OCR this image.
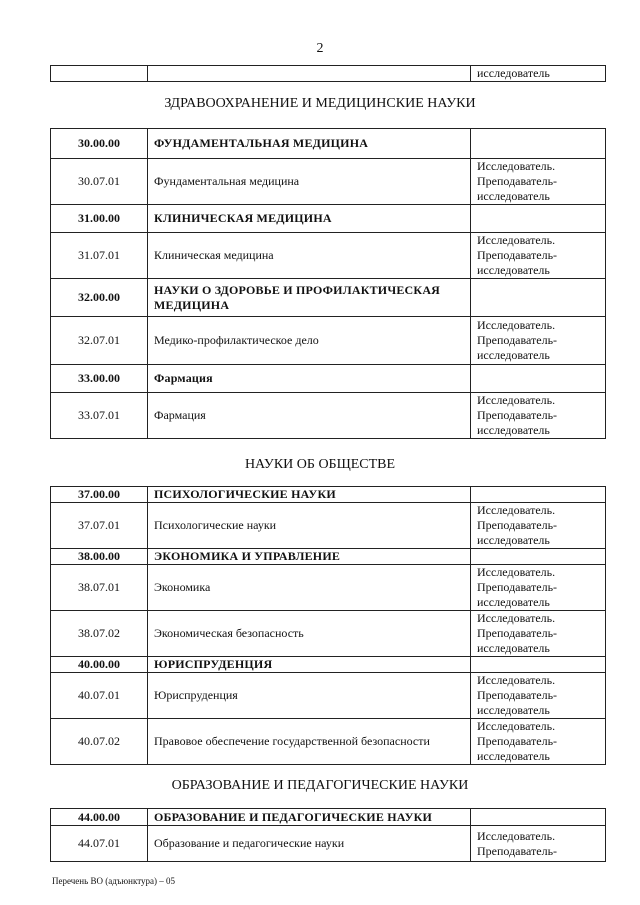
2
		исследователь
ЗДРАВООХРАНЕНИЕ И МЕДИЦИНСКИЕ НАУКИ
30.00.00	ФУНДАМЕНТАЛЬНАЯ МЕДИЦИНА	
30.07.01	Фундаментальная медицина	Исследователь.
Преподаватель-
исследователь

31.00.00	КЛИНИЧЕСКАЯ МЕДИЦИНА	
31.07.01	Клиническая медицина	Исследователь.
Преподаватель-
исследователь

32.00.00	НАУКИ О ЗДОРОВЬЕ И ПРОФИЛАКТИЧЕСКАЯ МЕДИЦИНА	
32.07.01	Медико-профилактическое дело	Исследователь.
Преподаватель-
исследователь

33.00.00	Фармация	
33.07.01	Фармация	Исследователь.
Преподаватель-
исследователь
НАУКИ ОБ ОБЩЕСТВЕ
37.00.00	ПСИХОЛОГИЧЕСКИЕ НАУКИ	
37.07.01	Психологические науки	Исследователь.
Преподаватель-
исследователь

38.00.00	ЭКОНОМИКА И УПРАВЛЕНИЕ	
38.07.01	Экономика	Исследователь.
Преподаватель-
исследователь

38.07.02	Экономическая безопасность	Исследователь.
Преподаватель-
исследователь

40.00.00	ЮРИСПРУДЕНЦИЯ	
40.07.01	Юриспруденция	Исследователь.
Преподаватель-
исследователь

40.07.02	Правовое обеспечение государственной безопасности	Исследователь.
Преподаватель-
исследователь
ОБРАЗОВАНИЕ И ПЕДАГОГИЧЕСКИЕ НАУКИ
44.00.00	ОБРАЗОВАНИЕ И ПЕДАГОГИЧЕСКИЕ НАУКИ	
44.07.01	Образование и педагогические науки	Исследователь.
Преподаватель-
Перечень ВО (адъюнктура) – 05
